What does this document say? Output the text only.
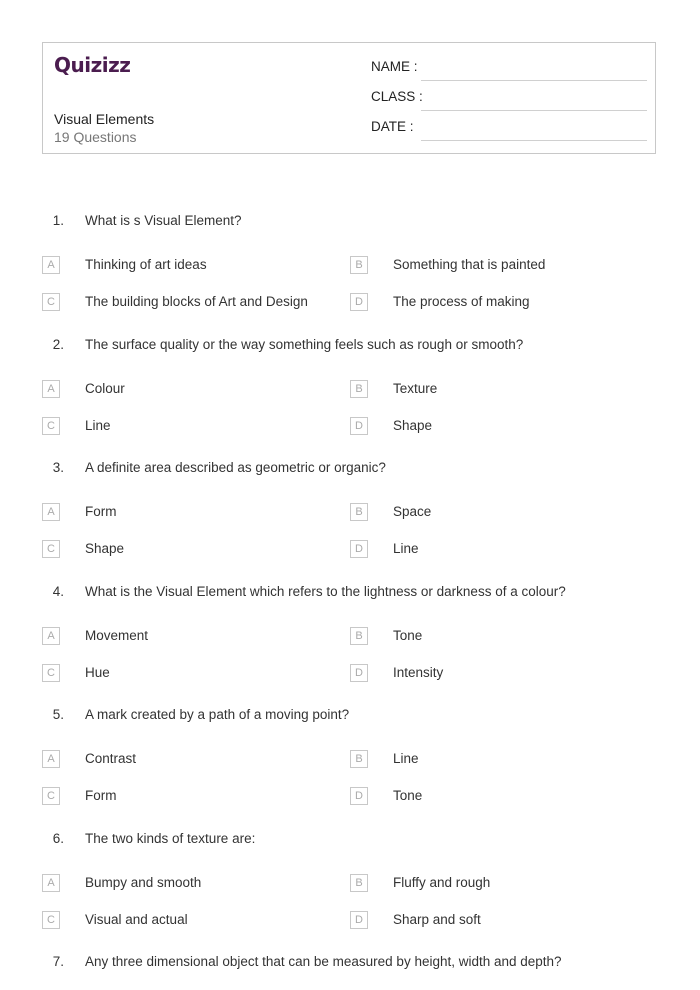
Quizizz
Visual Elements
19 Questions
NAME :
CLASS :
DATE :
1. What is s Visual Element?
A	Thinking of art ideas	B	Something that is painted
C	The building blocks of Art and Design	D	The process of making
2. The surface quality or the way something feels such as rough or smooth?
A	Colour	B	Texture
C	Line	D	Shape
3. A definite area described as geometric or organic?
A	Form	B	Space
C	Shape	D	Line
4. What is the Visual Element which refers to the lightness or darkness of a colour?
A	Movement	B	Tone
C	Hue	D	Intensity
5. A mark created by a path of a moving point?
A	Contrast	B	Line
C	Form	D	Tone
6. The two kinds of texture are:
A	Bumpy and smooth	B	Fluffy and rough
C	Visual and actual	D	Sharp and soft
7. Any three dimensional object that can be measured by height, width and depth?
